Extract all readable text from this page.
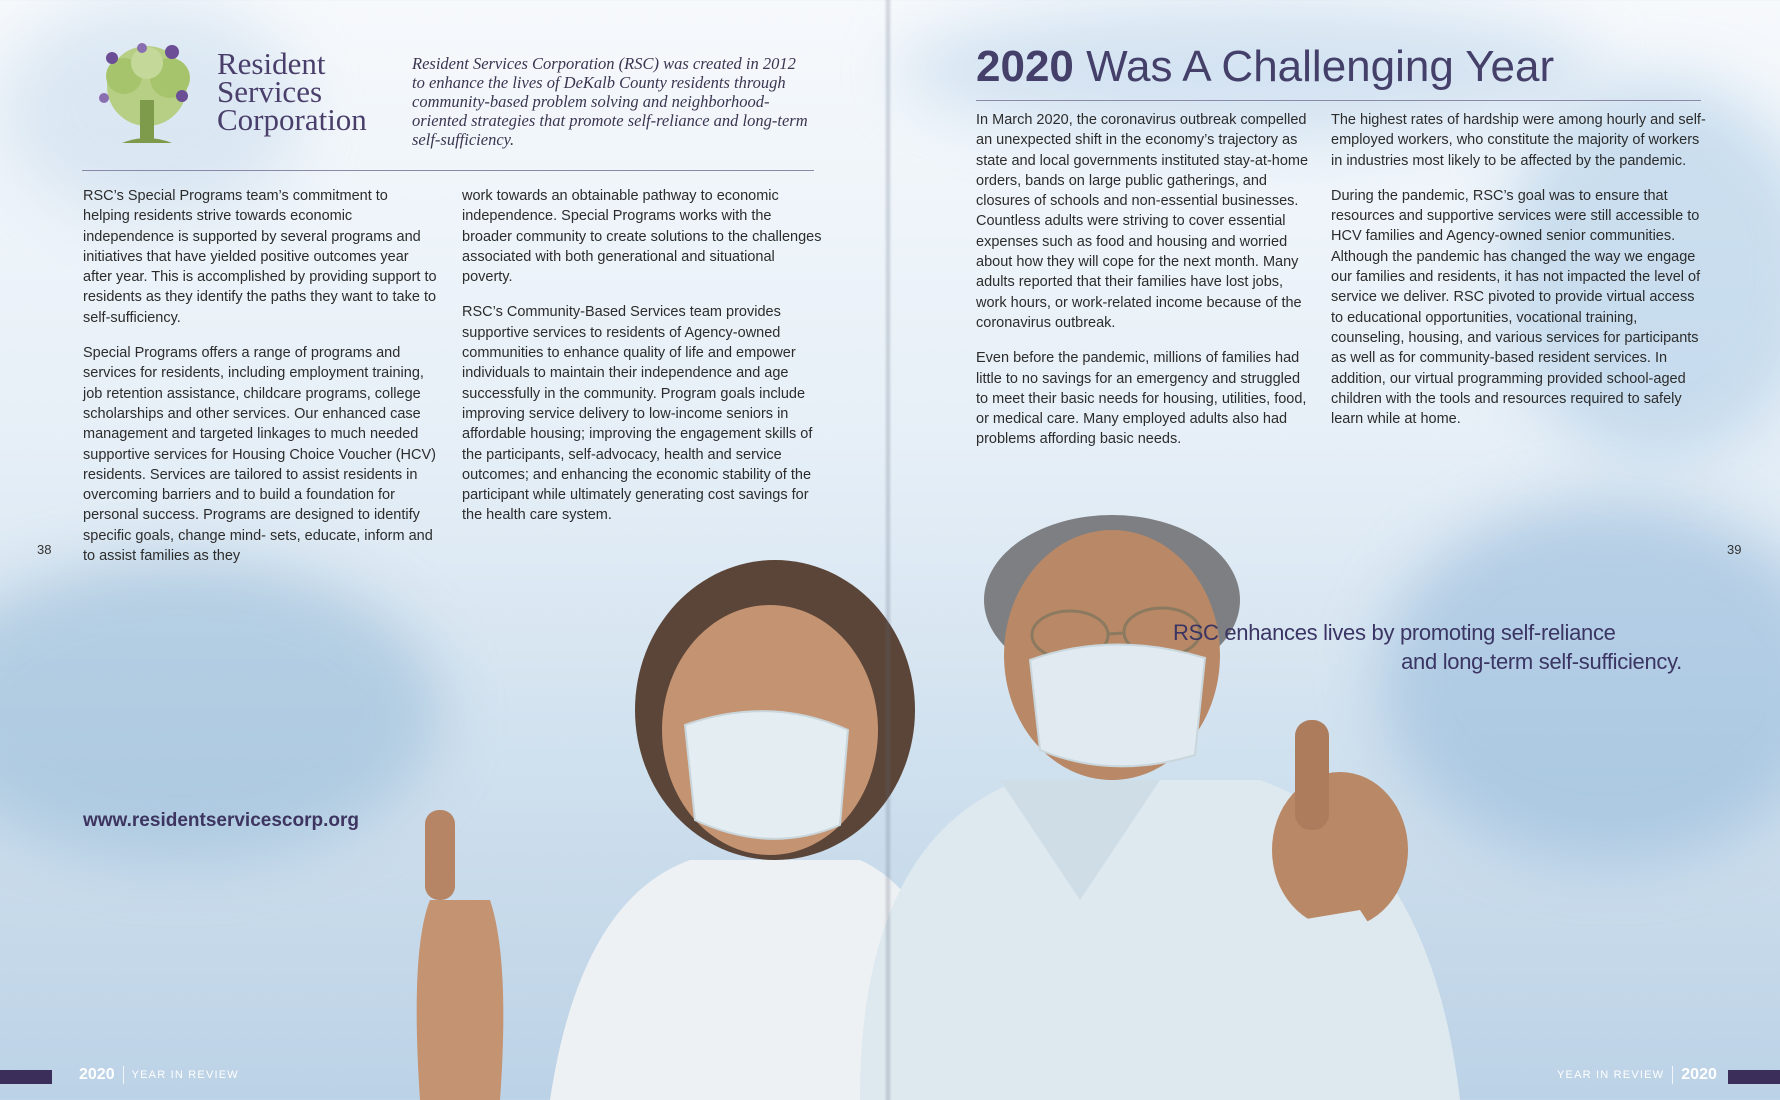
Resident
Services
Corporation
Resident Services Corporation (RSC) was created in 2012 to enhance the lives of DeKalb County residents through community-based problem solving and neighborhood-oriented strategies that promote self-reliance and long-term self-sufficiency.

RSC’s Special Programs team’s commitment to helping residents strive towards economic independence is supported by several programs and initiatives that have yielded positive outcomes year after year. This is accomplished by providing support to residents as they identify the paths they want to take to self-sufficiency.

Special Programs offers a range of programs and services for residents, including employment training, job retention assistance, childcare programs, college scholarships and other services. Our enhanced case management and targeted linkages to much needed supportive services for Housing Choice Voucher (HCV) residents. Services are tailored to assist residents in overcoming barriers and to build a foundation for personal success. Programs are designed to identify specific goals, change mind- sets, educate, inform and to assist families as they

work towards an obtainable pathway to economic independence. Special Programs works with the broader community to create solutions to the challenges associated with both generational and situational poverty.

RSC’s Community-Based Services team provides supportive services to residents of Agency-owned communities to enhance quality of life and empower individuals to maintain their independence and age successfully in the community. Program goals include improving service delivery to low-income seniors in affordable housing; improving the engagement skills of the participants, self-advocacy, health and service outcomes; and enhancing the economic stability of the participant while ultimately generating cost savings for the health care system.

38
www.residentservicescorp.org
2020 YEAR IN REVIEW
2020 Was A Challenging Year

In March 2020, the coronavirus outbreak compelled an unexpected shift in the economy’s trajectory as state and local governments instituted stay-at-home orders, bands on large public gatherings, and closures of schools and non-essential businesses. Countless adults were striving to cover essential expenses such as food and housing and worried about how they will cope for the next month. Many adults reported that their families have lost jobs, work hours, or work-related income because of the coronavirus outbreak.

Even before the pandemic, millions of families had little to no savings for an emergency and struggled to meet their basic needs for housing, utilities, food, or medical care. Many employed adults also had problems affording basic needs.

The highest rates of hardship were among hourly and self-employed workers, who constitute the majority of workers in industries most likely to be affected by the pandemic.

During the pandemic, RSC’s goal was to ensure that resources and supportive services were still accessible to HCV families and Agency-owned senior communities. Although the pandemic has changed the way we engage our families and residents, it has not impacted the level of service we deliver. RSC pivoted to provide virtual access to educational opportunities, vocational training, counseling, housing, and various services for participants as well as for community-based resident services. In addition, our virtual programming provided school-aged children with the tools and resources required to safely learn while at home.

39
RSC enhances lives by promoting self-reliance
and long-term self-sufficiency.
YEAR IN REVIEW 2020
